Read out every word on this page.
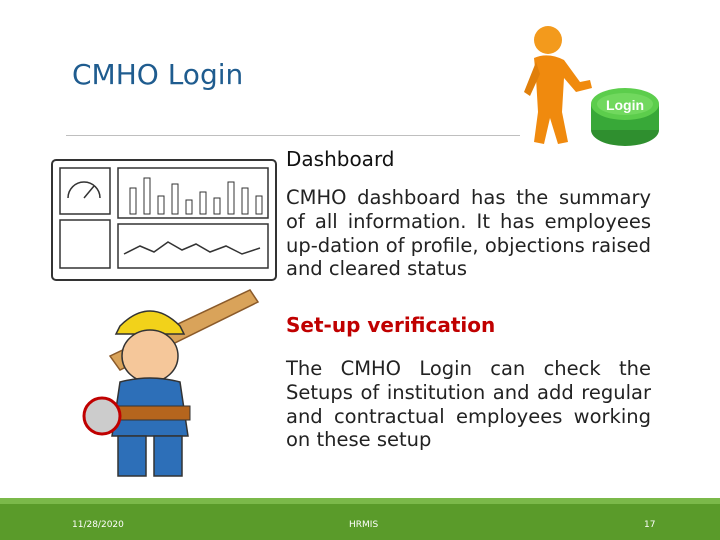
CMHO Login
Login
Dashboard

CMHO dashboard has the summary of all information. It has employees up-dation of profile, objections raised and cleared status

Set-up verification

The CMHO Login can check the Setups of institution and add regular and contractual employees working on these setup

11/28/2020	HRMIS	17
